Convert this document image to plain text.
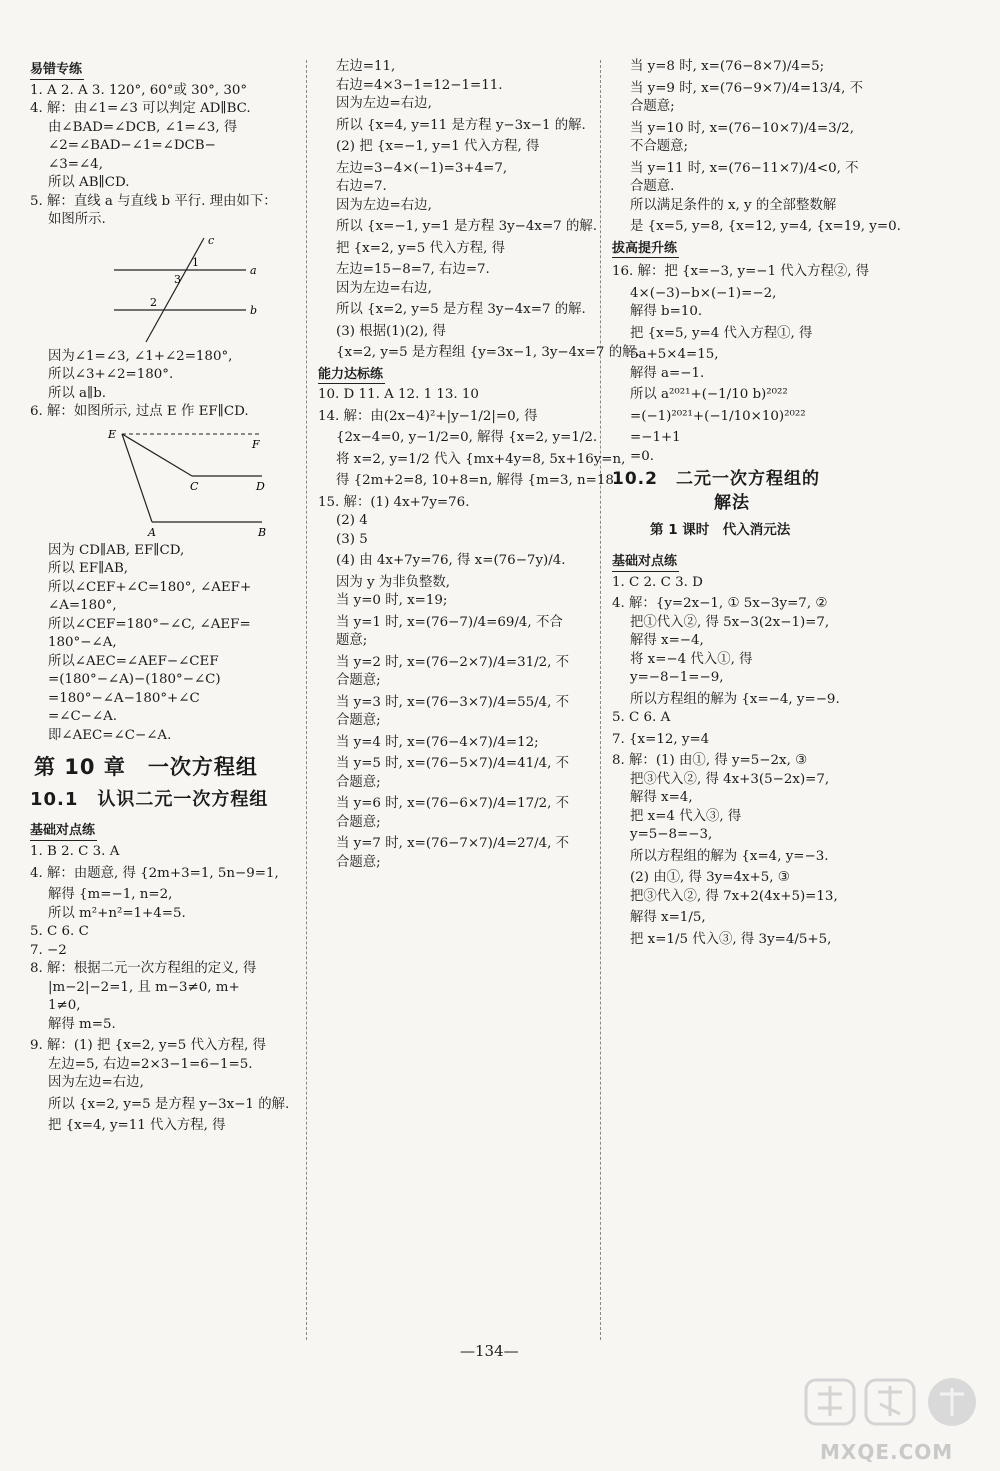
易错专练

1. A 2. A 3. 120°, 60°或 30°, 30°

4. 解：由∠1=∠3 可以判定 AD∥BC.

由∠BAD=∠DCB, ∠1=∠3, 得

∠2=∠BAD−∠1=∠DCB−

∠3=∠4,

所以 AB∥CD.

5. 解：直线 a 与直线 b 平行. 理由如下：

如图所示.

c
1
3
a
2
b

因为∠1=∠3, ∠1+∠2=180°,

所以∠3+∠2=180°.

所以 a∥b.

6. 解：如图所示, 过点 E 作 EF∥CD.

E
F
C	D
A	B

因为 CD∥AB, EF∥CD,

所以 EF∥AB,

所以∠CEF+∠C=180°, ∠AEF+

∠A=180°,

所以∠CEF=180°−∠C, ∠AEF=

180°−∠A,

所以∠AEC=∠AEF−∠CEF

=(180°−∠A)−(180°−∠C)

=180°−∠A−180°+∠C

=∠C−∠A.

即∠AEC=∠C−∠A.

第 10 章　一次方程组
10.1　认识二元一次方程组
基础对点练

1. B 2. C 3. A

4. 解：由题意, 得 {2m+3=1, 5n−9=1,

解得 {m=−1, n=2,

所以 m²+n²=1+4=5.

5. C 6. C

7. −2

8. 解：根据二元一次方程组的定义, 得

|m−2|−2=1, 且 m−3≠0, m+

1≠0,

解得 m=5.

9. 解：(1) 把 {x=2, y=5 代入方程, 得

左边=5, 右边=2×3−1=6−1=5.

因为左边=右边,

所以 {x=2, y=5 是方程 y−3x−1 的解.

把 {x=4, y=11 代入方程, 得

左边=11,

右边=4×3−1=12−1=11.

因为左边=右边,

所以 {x=4, y=11 是方程 y−3x−1 的解.

(2) 把 {x=−1, y=1 代入方程, 得

左边=3−4×(−1)=3+4=7,

右边=7.

因为左边=右边,

所以 {x=−1, y=1 是方程 3y−4x=7 的解.

把 {x=2, y=5 代入方程, 得

左边=15−8=7, 右边=7.

因为左边=右边,

所以 {x=2, y=5 是方程 3y−4x=7 的解.

(3) 根据(1)(2), 得

{x=2, y=5 是方程组 {y=3x−1, 3y−4x=7 的解.

能力达标练

10. D 11. A 12. 1 13. 10

14. 解：由(2x−4)²+|y−1/2|=0, 得

{2x−4=0, y−1/2=0, 解得 {x=2, y=1/2.

将 x=2, y=1/2 代入 {mx+4y=8, 5x+16y=n,

得 {2m+2=8, 10+8=n, 解得 {m=3, n=18.

15. 解：(1) 4x+7y=76.

(2) 4

(3) 5

(4) 由 4x+7y=76, 得 x=(76−7y)/4.

因为 y 为非负整数,

当 y=0 时, x=19;

当 y=1 时, x=(76−7)/4=69/4, 不合

题意;

当 y=2 时, x=(76−2×7)/4=31/2, 不

合题意;

当 y=3 时, x=(76−3×7)/4=55/4, 不

合题意;

当 y=4 时, x=(76−4×7)/4=12;

当 y=5 时, x=(76−5×7)/4=41/4, 不

合题意;

当 y=6 时, x=(76−6×7)/4=17/2, 不

合题意;

当 y=7 时, x=(76−7×7)/4=27/4, 不

合题意;

当 y=8 时, x=(76−8×7)/4=5;

当 y=9 时, x=(76−9×7)/4=13/4, 不

合题意;

当 y=10 时, x=(76−10×7)/4=3/2,

不合题意;

当 y=11 时, x=(76−11×7)/4<0, 不

合题意.

所以满足条件的 x, y 的全部整数解

是 {x=5, y=8, {x=12, y=4, {x=19, y=0.

拔高提升练

16. 解：把 {x=−3, y=−1 代入方程②, 得

4×(−3)−b×(−1)=−2,

解得 b=10.

把 {x=5, y=4 代入方程①, 得

5a+5×4=15,

解得 a=−1.

所以 a²⁰²¹+(−1/10 b)²⁰²²

=(−1)²⁰²¹+(−1/10×10)²⁰²²

=−1+1

=0.

10.2　二元一次方程组的
解法
第 1 课时　代入消元法
基础对点练

1. C 2. C 3. D

4. 解：{y=2x−1, ① 5x−3y=7, ②

把①代入②, 得 5x−3(2x−1)=7,

解得 x=−4,

将 x=−4 代入①, 得

y=−8−1=−9,

所以方程组的解为 {x=−4, y=−9.

5. C 6. A

7. {x=12, y=4

8. 解：(1) 由①, 得 y=5−2x, ③

把③代入②, 得 4x+3(5−2x)=7,

解得 x=4,

把 x=4 代入③, 得

y=5−8=−3,

所以方程组的解为 {x=4, y=−3.

(2) 由①, 得 3y=4x+5, ③

把③代入②, 得 7x+2(4x+5)=13,

解得 x=1/5,

把 x=1/5 代入③, 得 3y=4/5+5,

—134—
MXQE.COM
